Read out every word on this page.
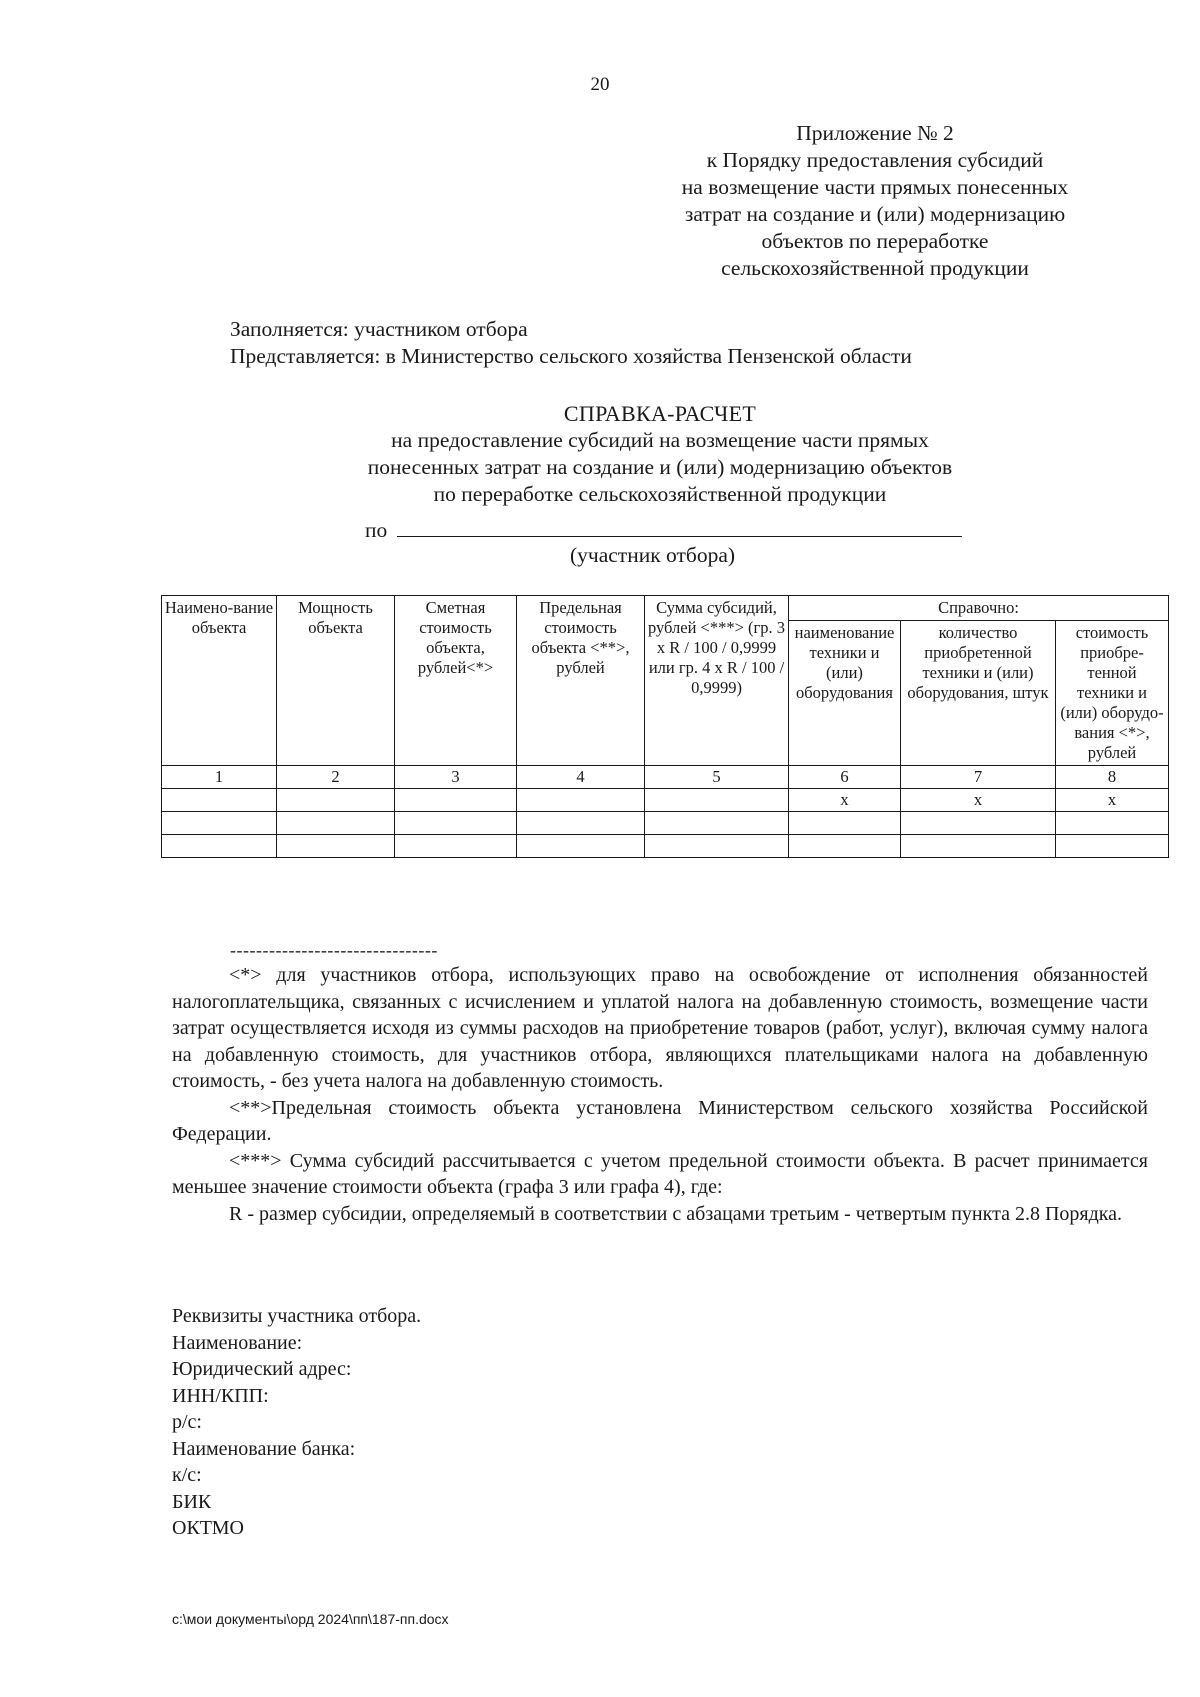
20
Приложение № 2
к Порядку предоставления субсидий
на возмещение части прямых понесенных
затрат на создание и (или) модернизацию
объектов по переработке
сельскохозяйственной продукции
Заполняется: участником отбора
Представляется: в Министерство сельского хозяйства Пензенской области
СПРАВКА-РАСЧЕТ
на предоставление субсидий на возмещение части прямых
понесенных затрат на создание и (или) модернизацию объектов
по переработке сельскохозяйственной продукции
по
(участник отбора)
Наимено-вание объекта	Мощность объекта	Сметная стоимость объекта, рублей<*>	Предельная стоимость объекта <**>, рублей	Сумма субсидий, рублей <***> (гр. 3 x R / 100 / 0,9999 или гр. 4 x R / 100 / 0,9999)	Справочно:		
					наименование техники и (или) оборудования	количество приобретенной техники и (или) оборудования, штук	стоимость приобре-тенной техники и (или) оборудо-вания <*>, рублей
1	2	3	4	5	6	7	8
					x	x	x

--------------------------------

<*> для участников отбора, использующих право на освобождение от исполнения обязанностей налогоплательщика, связанных с исчислением и уплатой налога на добавленную стоимость, возмещение части затрат осуществляется исходя из суммы расходов на приобретение товаров (работ, услуг), включая сумму налога на добавленную стоимость, для участников отбора, являющихся плательщиками налога на добавленную стоимость, - без учета налога на добавленную стоимость.

<**>Предельная стоимость объекта установлена Министерством сельского хозяйства Российской Федерации.

<***> Сумма субсидий рассчитывается с учетом предельной стоимости объекта. В расчет принимается меньшее значение стоимости объекта (графа 3 или графа 4), где:

R - размер субсидии, определяемый в соответствии с абзацами третьим - четвертым пункта 2.8 Порядка.

Реквизиты участника отбора.
Наименование:
Юридический адрес:
ИНН/КПП:
р/с:
Наименование банка:
к/с:
БИК
ОКТМО
c:\мои документы\орд 2024\пп\187-пп.docx
